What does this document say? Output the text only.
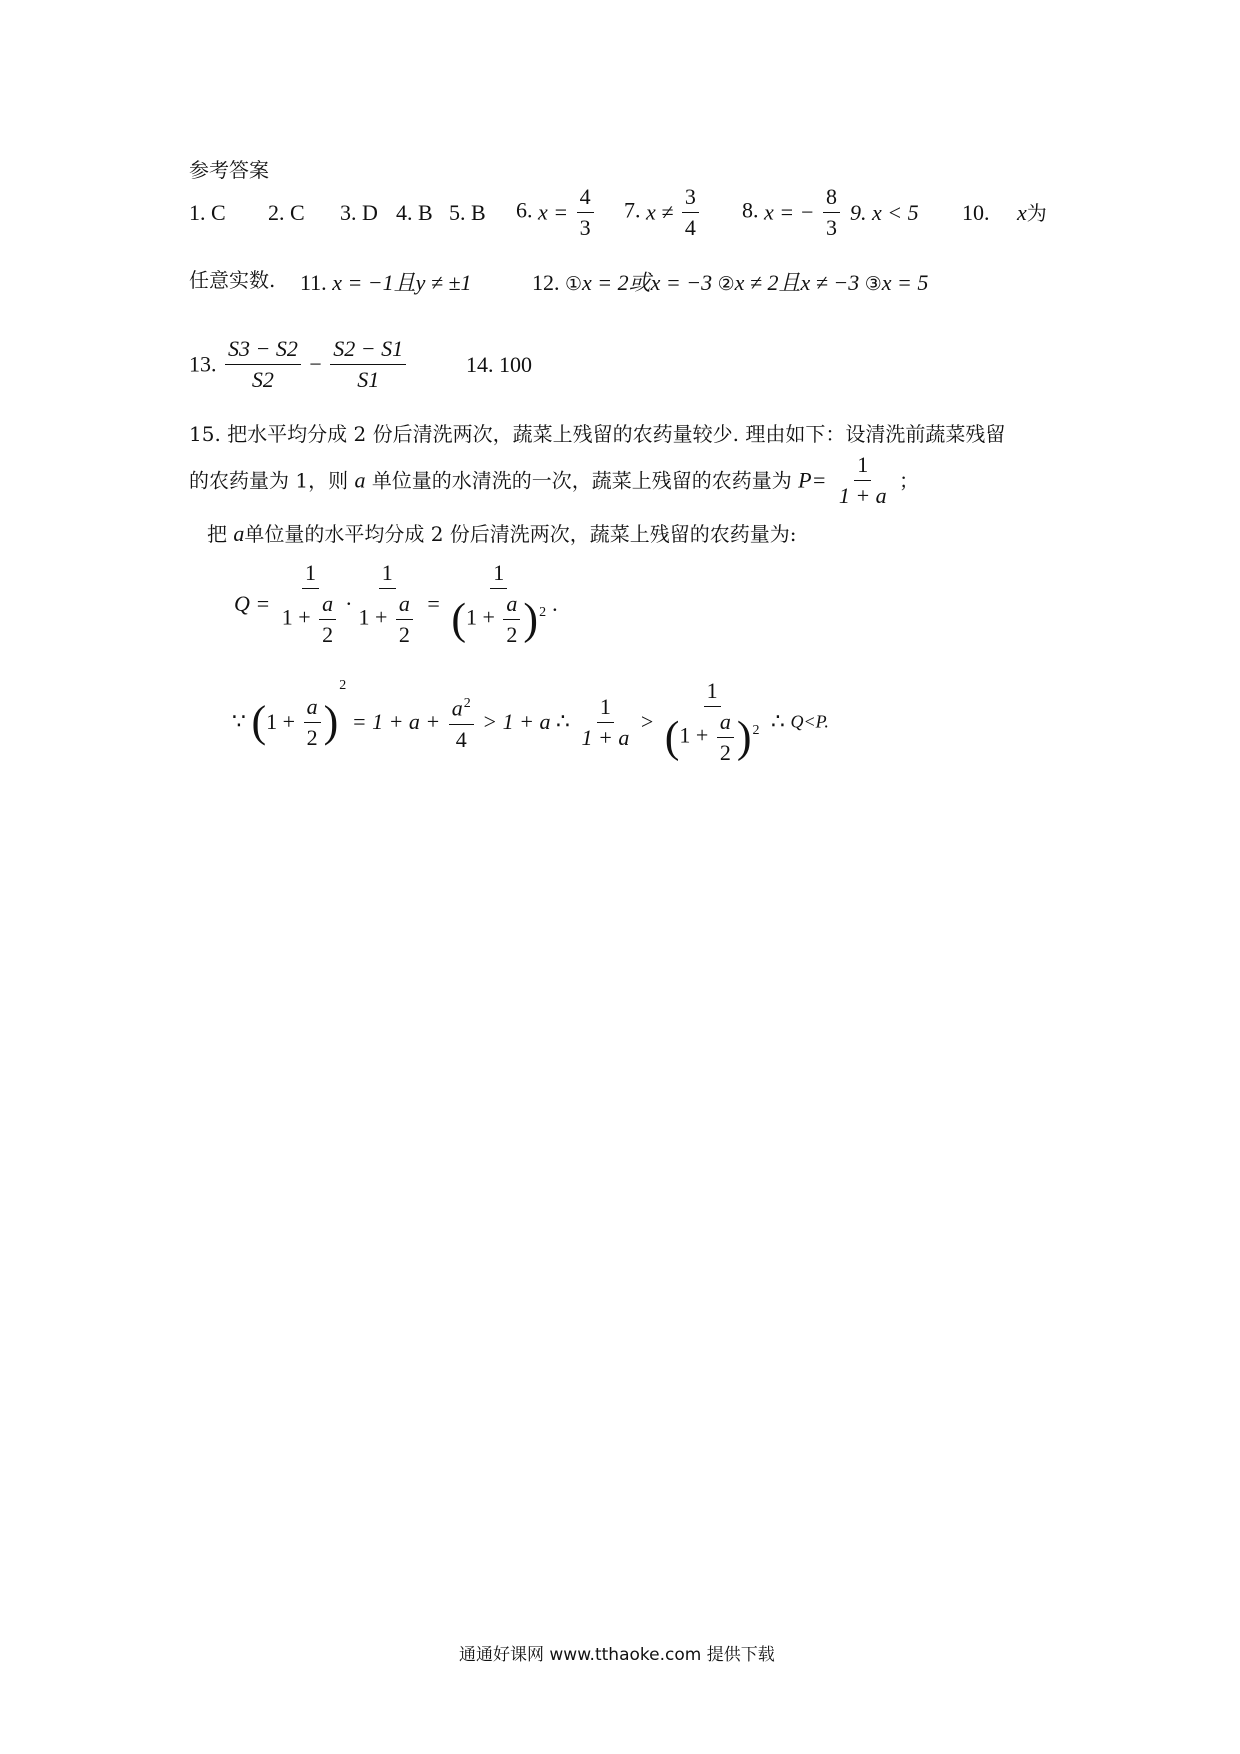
参考答案
1. C 2. C 3. D 4. B 5. B 6. $x = \frac{4}{3} 7$. $x \ne \frac{3}{4} 8$. x = − $\frac{8}{3} 9$. x < 5 10. x为
任意实数. 11. x = −1且y ≠ ±1	12. ①x = 2或x = −3 ②x ≠ 2且x ≠ −3 ③x = 5
13. $\frac{S3 - S2}{S2} - \frac{S2 - S1}{S1}$	14. 100
15. 把水平均分成 2 份后清洗两次，蔬菜上残留的农药量较少. 理由如下：设清洗前蔬菜残留
的农药量为 1，则 a 单位量的水清洗的一次，蔬菜上残留的农药量为 $P= \frac{1}{1 + a}$ ；
把 a单位量的水平均分成 2 份后清洗两次，蔬菜上残留的农药量为:
$Q = \frac{1}{1 + \frac{a}{2}} \cdot \frac{1}{1 + \frac{a}{2}} = \frac{1}{(1 + \frac{a}{2} )^2}$ .
∵ $(1 + \frac{a}{2} )^2 = 1 + a + \frac{a^2}{4} > 1 + a$ ∴ $\frac{1}{1 + a} > \frac{1}{(1 + \frac{a}{2} )^2}$ ∴ Q<P.
通通好课网 www.tthaoke.com 提供下载
